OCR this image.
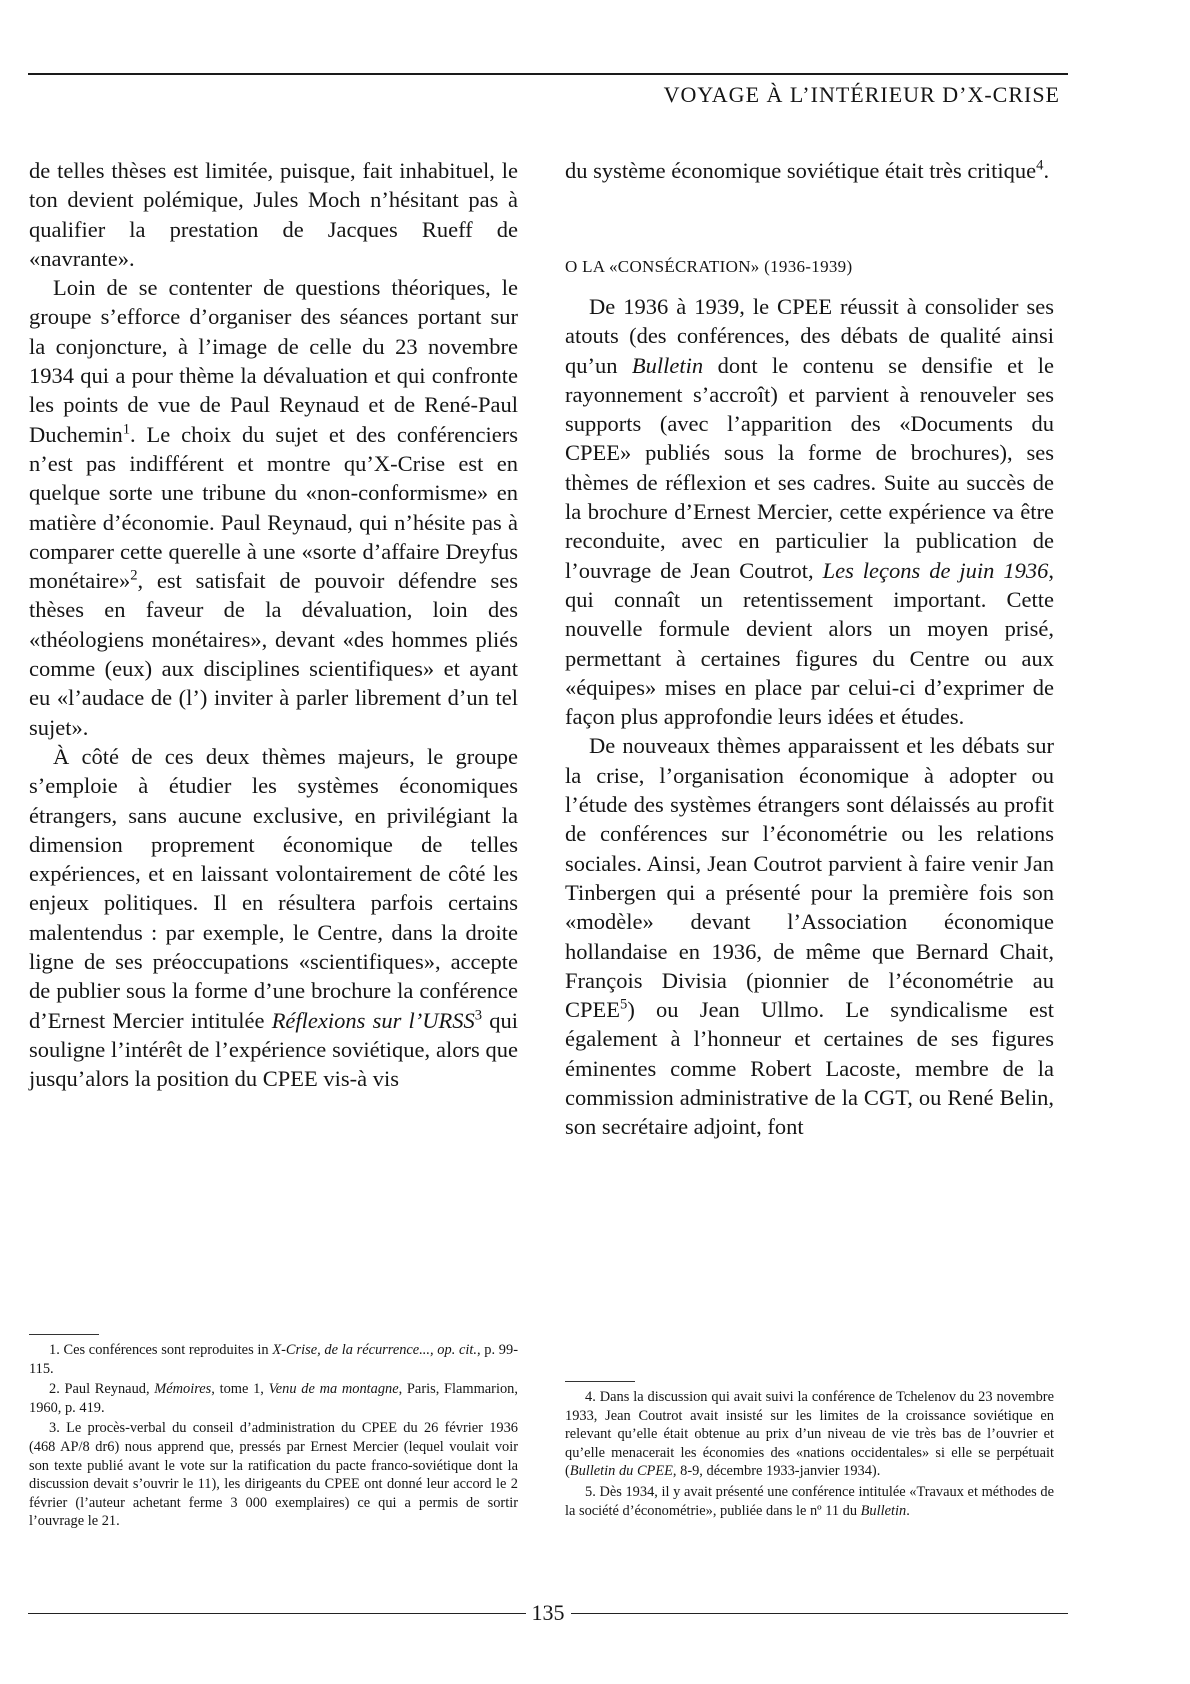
VOYAGE À L’INTÉRIEUR D’X-CRISE

de telles thèses est limitée, puisque, fait inhabituel, le ton devient polémique, Jules Moch n’hésitant pas à qualifier la prestation de Jacques Rueff de «navrante».

Loin de se contenter de questions théoriques, le groupe s’efforce d’organiser des séances portant sur la conjoncture, à l’image de celle du 23 novembre 1934 qui a pour thème la dévaluation et qui confronte les points de vue de Paul Reynaud et de René-Paul Duchemin$^1$. Le choix du sujet et des conférenciers n’est pas indifférent et montre qu’X-Crise est en quelque sorte une tribune du «non-conformisme» en matière d’économie. Paul Reynaud, qui n’hésite pas à comparer cette querelle à une «sorte d’affaire Dreyfus monétaire»$^2$, est satisfait de pouvoir défendre ses thèses en faveur de la dévaluation, loin des «théologiens monétaires», devant «des hommes pliés comme (eux) aux disciplines scientifiques» et ayant eu «l’audace de (l’) inviter à parler librement d’un tel sujet».

À côté de ces deux thèmes majeurs, le groupe s’emploie à étudier les systèmes économiques étrangers, sans aucune exclusive, en privilégiant la dimension proprement économique de telles expériences, et en laissant volontairement de côté les enjeux politiques. Il en résultera parfois certains malentendus : par exemple, le Centre, dans la droite ligne de ses préoccupations «scientifiques», accepte de publier sous la forme d’une brochure la conférence d’Ernest Mercier intitulée Réflexions sur l’URSS$^3$ qui souligne l’intérêt de l’expérience soviétique, alors que jusqu’alors la position du CPEE vis-à vis

du système économique soviétique était très critique$^4$.

O LA «CONSÉCRATION» (1936-1939)

De 1936 à 1939, le CPEE réussit à consolider ses atouts (des conférences, des débats de qualité ainsi qu’un Bulletin dont le contenu se densifie et le rayonnement s’accroît) et parvient à renouveler ses supports (avec l’apparition des «Documents du CPEE» publiés sous la forme de brochures), ses thèmes de réflexion et ses cadres. Suite au succès de la brochure d’Ernest Mercier, cette expérience va être reconduite, avec en particulier la publication de l’ouvrage de Jean Coutrot, Les leçons de juin 1936, qui connaît un retentissement important. Cette nouvelle formule devient alors un moyen prisé, permettant à certaines figures du Centre ou aux «équipes» mises en place par celui-ci d’exprimer de façon plus approfondie leurs idées et études.

De nouveaux thèmes apparaissent et les débats sur la crise, l’organisation économique à adopter ou l’étude des systèmes étrangers sont délaissés au profit de conférences sur l’économétrie ou les relations sociales. Ainsi, Jean Coutrot parvient à faire venir Jan Tinbergen qui a présenté pour la première fois son «modèle» devant l’Association économique hollandaise en 1936, de même que Bernard Chait, François Divisia (pionnier de l’économétrie au CPEE$^5$) ou Jean Ullmo. Le syndicalisme est également à l’honneur et certaines de ses figures éminentes comme Robert Lacoste, membre de la commission administrative de la CGT, ou René Belin, son secrétaire adjoint, font

1. Ces conférences sont reproduites in X-Crise, de la récurrence..., op. cit., p. 99-115.

2. Paul Reynaud, Mémoires, tome 1, Venu de ma montagne, Paris, Flammarion, 1960, p. 419.

3. Le procès-verbal du conseil d’administration du CPEE du 26 février 1936 (468 AP/8 dr6) nous apprend que, pressés par Ernest Mercier (lequel voulait voir son texte publié avant le vote sur la ratification du pacte franco-soviétique dont la discussion devait s’ouvrir le 11), les dirigeants du CPEE ont donné leur accord le 2 février (l’auteur achetant ferme 3 000 exemplaires) ce qui a permis de sortir l’ouvrage le 21.

4. Dans la discussion qui avait suivi la conférence de Tchelenov du 23 novembre 1933, Jean Coutrot avait insisté sur les limites de la croissance soviétique en relevant qu’elle était obtenue au prix d’un niveau de vie très bas de l’ouvrier et qu’elle menacerait les économies des «nations occidentales» si elle se perpétuait (Bulletin du CPEE, 8-9, décembre 1933-janvier 1934).

5. Dès 1934, il y avait présenté une conférence intitulée «Travaux et méthodes de la société d’économétrie», publiée dans le nº 11 du Bulletin.

135
